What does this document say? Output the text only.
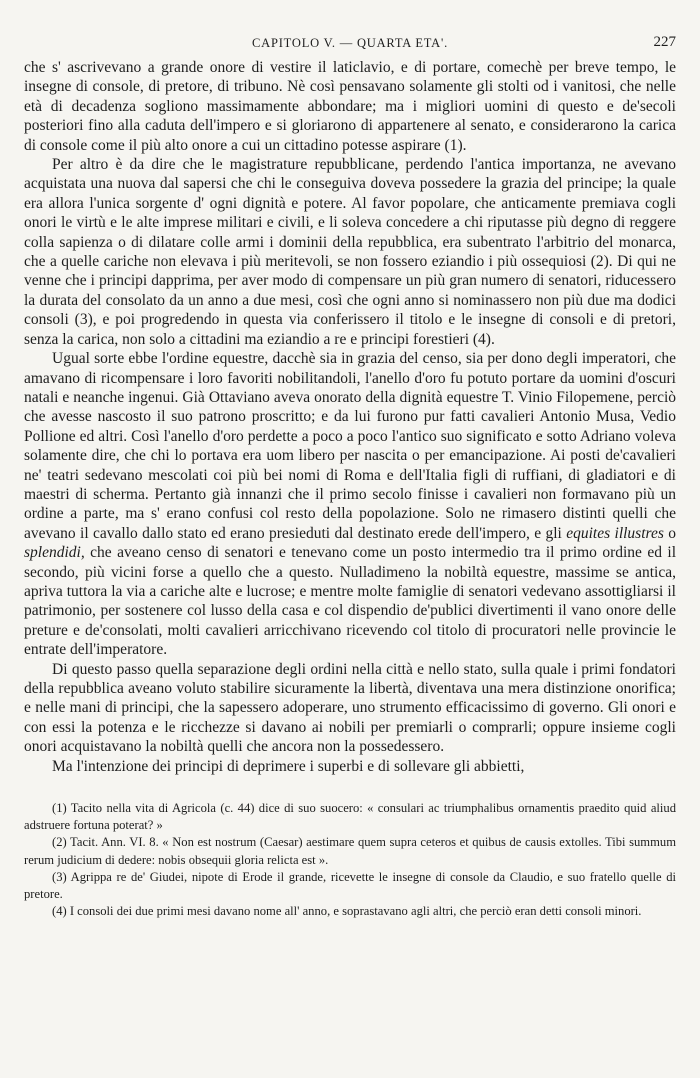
CAPITOLO V. — QUARTA ETA'.	227

che s' ascrivevano a grande onore di vestire il laticlavio, e di portare, comechè per breve tempo, le insegne di console, di pretore, di tribuno. Nè così pensavano solamente gli stolti od i vanitosi, che nelle età di decadenza sogliono massimamente abbondare; ma i migliori uomini di questo e de'secoli posteriori fino alla caduta dell'impero e si gloriarono di appartenere al senato, e considerarono la carica di console come il più alto onore a cui un cittadino potesse aspirare (1).

Per altro è da dire che le magistrature repubblicane, perdendo l'antica importanza, ne avevano acquistata una nuova dal sapersi che chi le conseguiva doveva possedere la grazia del principe; la quale era allora l'unica sorgente d' ogni dignità e potere. Al favor popolare, che anticamente premiava cogli onori le virtù e le alte imprese militari e civili, e li soleva concedere a chi riputasse più degno di reggere colla sapienza o di dilatare colle armi i dominii della repubblica, era subentrato l'arbitrio del monarca, che a quelle cariche non elevava i più meritevoli, se non fossero eziandio i più ossequiosi (2). Di qui ne venne che i principi dapprima, per aver modo di compensare un più gran numero di senatori, riducessero la durata del consolato da un anno a due mesi, così che ogni anno si nominassero non più due ma dodici consoli (3), e poi progredendo in questa via conferissero il titolo e le insegne di consoli e di pretori, senza la carica, non solo a cittadini ma eziandio a re e principi forestieri (4).

Ugual sorte ebbe l'ordine equestre, dacchè sia in grazia del censo, sia per dono degli imperatori, che amavano di ricompensare i loro favoriti nobilitandoli, l'anello d'oro fu potuto portare da uomini d'oscuri natali e neanche ingenui. Già Ottaviano aveva onorato della dignità equestre T. Vinio Filopemene, perciò che avesse nascosto il suo patrono proscritto; e da lui furono pur fatti cavalieri Antonio Musa, Vedio Pollione ed altri. Così l'anello d'oro perdette a poco a poco l'antico suo significato e sotto Adriano voleva solamente dire, che chi lo portava era uom libero per nascita o per emancipazione. Ai posti de'cavalieri ne' teatri sedevano mescolati coi più bei nomi di Roma e dell'Italia figli di ruffiani, di gladiatori e di maestri di scherma. Pertanto già innanzi che il primo secolo finisse i cavalieri non formavano più un ordine a parte, ma s' erano confusi col resto della popolazione. Solo ne rimasero distinti quelli che avevano il cavallo dallo stato ed erano presieduti dal destinato erede dell'impero, e gli equites illustres o splendidi, che aveano censo di senatori e tenevano come un posto intermedio tra il primo ordine ed il secondo, più vicini forse a quello che a questo. Nulladimeno la nobiltà equestre, massime se antica, apriva tuttora la via a cariche alte e lucrose; e mentre molte famiglie di senatori vedevano assottigliarsi il patrimonio, per sostenere col lusso della casa e col dispendio de'publici divertimenti il vano onore delle preture e de'consolati, molti cavalieri arricchivano ricevendo col titolo di procuratori nelle provincie le entrate dell'imperatore.

Di questo passo quella separazione degli ordini nella città e nello stato, sulla quale i primi fondatori della repubblica aveano voluto stabilire sicuramente la libertà, diventava una mera distinzione onorifica; e nelle mani di principi, che la sapessero adoperare, uno strumento efficacissimo di governo. Gli onori e con essi la potenza e le ricchezze si davano ai nobili per premiarli o comprarli; oppure insieme cogli onori acquistavano la nobiltà quelli che ancora non la possedessero.

Ma l'intenzione dei principi di deprimere i superbi e di sollevare gli abbietti,

(1) Tacito nella vita di Agricola (c. 44) dice di suo suocero: « consulari ac triumphalibus ornamentis praedito quid aliud adstruere fortuna poterat? »

(2) Tacit. Ann. VI. 8. « Non est nostrum (Caesar) aestimare quem supra ceteros et quibus de causis extolles. Tibi summum rerum judicium di dedere: nobis obsequii gloria relicta est ».

(3) Agrippa re de' Giudei, nipote di Erode il grande, ricevette le insegne di console da Claudio, e suo fratello quelle di pretore.

(4) I consoli dei due primi mesi davano nome all' anno, e soprastavano agli altri, che perciò eran detti consoli minori.
